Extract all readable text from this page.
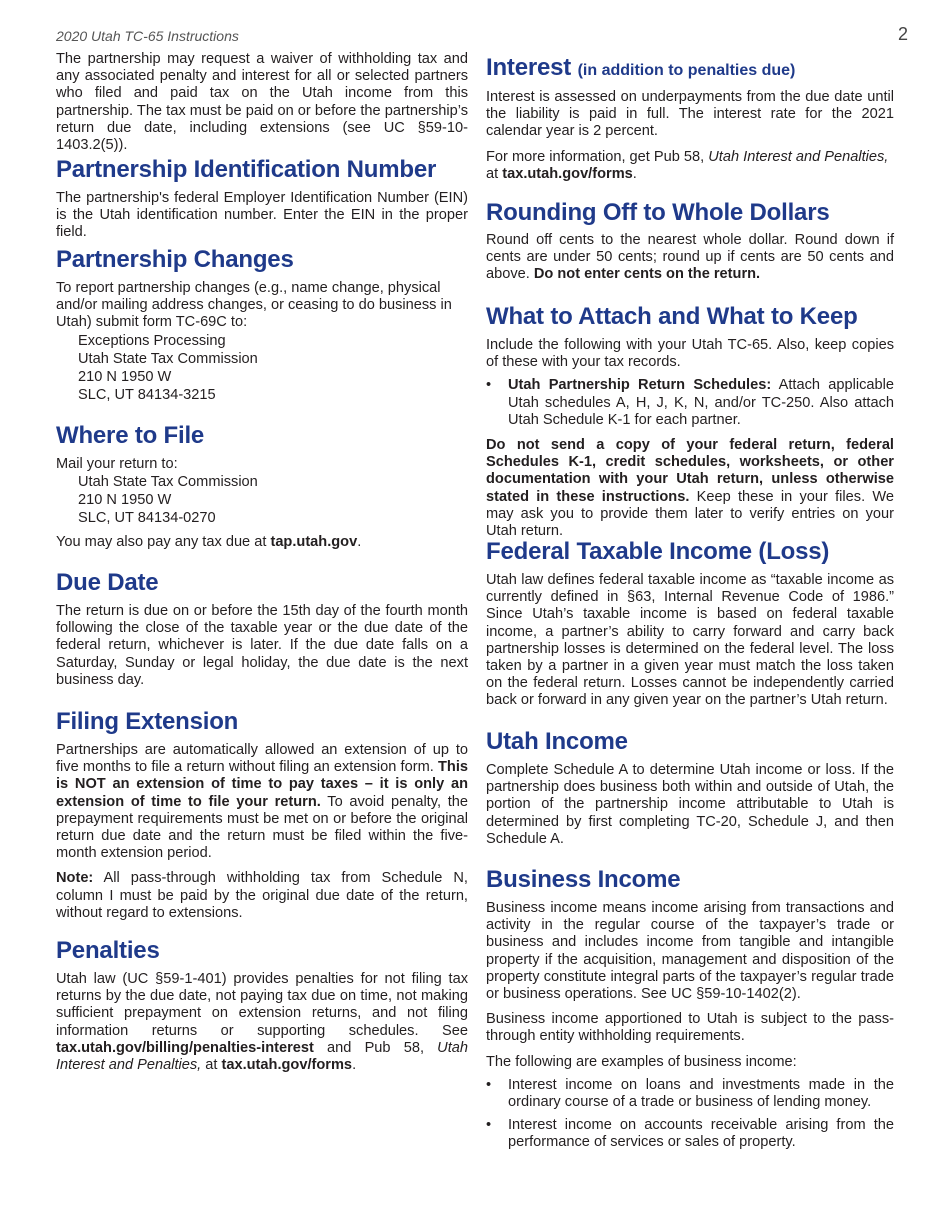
2020 Utah TC-65 Instructions	2

The partnership may request a waiver of withholding tax and any associated penalty and interest for all or selected partners who filed and paid tax on the Utah income from this partnership. The tax must be paid on or before the partnership’s return due date, including extensions (see UC §59-10-1403.2(5)).

Partnership Identification Number

The partnership's federal Employer Identification Number (EIN) is the Utah identification number. Enter the EIN in the proper field.

Partnership Changes

To report partnership changes (e.g., name change, physical and/or mailing address changes, or ceasing to do business in Utah) submit form TC-69C to:

Exceptions Processing
Utah State Tax Commission
210 N 1950 W
SLC, UT 84134-3215
Where to File

Mail your return to:

Utah State Tax Commission
210 N 1950 W
SLC, UT 84134-0270

You may also pay any tax due at tap.utah.gov.

Due Date

The return is due on or before the 15th day of the fourth month following the close of the taxable year or the due date of the federal return, whichever is later. If the due date falls on a Saturday, Sunday or legal holiday, the due date is the next business day.

Filing Extension

Partnerships are automatically allowed an extension of up to five months to file a return without filing an extension form. This is NOT an extension of time to pay taxes – it is only an extension of time to file your return. To avoid penalty, the prepayment requirements must be met on or before the original return due date and the return must be filed within the five-month extension period.

Note: All pass-through withholding tax from Schedule N, column I must be paid by the original due date of the return, without regard to extensions.

Penalties

Utah law (UC §59-1-401) provides penalties for not filing tax returns by the due date, not paying tax due on time, not making sufficient prepayment on extension returns, and not filing information returns or supporting schedules. See tax.utah.gov/billing/penalties-interest and Pub 58, Utah Interest and Penalties, at tax.utah.gov/forms.

Interest (in addition to penalties due)

Interest is assessed on underpayments from the due date until the liability is paid in full. The interest rate for the 2021 calendar year is 2 percent.

For more information, get Pub 58, Utah Interest and Penalties, at tax.utah.gov/forms.

Rounding Off to Whole Dollars

Round off cents to the nearest whole dollar. Round down if cents are under 50 cents; round up if cents are 50 cents and above. Do not enter cents on the return.

What to Attach and What to Keep

Include the following with your Utah TC-65. Also, keep copies of these with your tax records.

• Utah Partnership Return Schedules: Attach applicable Utah schedules A, H, J, K, N, and/or TC-250. Also attach Utah Schedule K-1 for each partner.

Do not send a copy of your federal return, federal Schedules K-1, credit schedules, worksheets, or other documentation with your Utah return, unless otherwise stated in these instructions. Keep these in your files. We may ask you to provide them later to verify entries on your Utah return.

Federal Taxable Income (Loss)

Utah law defines federal taxable income as “taxable income as currently defined in §63, Internal Revenue Code of 1986.” Since Utah’s taxable income is based on federal taxable income, a partner’s ability to carry forward and carry back partnership losses is determined on the federal level. The loss taken by a partner in a given year must match the loss taken on the federal return. Losses cannot be independently carried back or forward in any given year on the partner’s Utah return.

Utah Income

Complete Schedule A to determine Utah income or loss. If the partnership does business both within and outside of Utah, the portion of the partnership income attributable to Utah is determined by first completing TC-20, Schedule J, and then Schedule A.

Business Income

Business income means income arising from transactions and activity in the regular course of the taxpayer’s trade or business and includes income from tangible and intangible property if the acquisition, management and disposition of the property constitute integral parts of the taxpayer’s regular trade or business operations. See UC §59-10-1402(2).

Business income apportioned to Utah is subject to the pass-through entity withholding requirements.

The following are examples of business income:

• Interest income on loans and investments made in the ordinary course of a trade or business of lending money.
• Interest income on accounts receivable arising from the performance of services or sales of property.
